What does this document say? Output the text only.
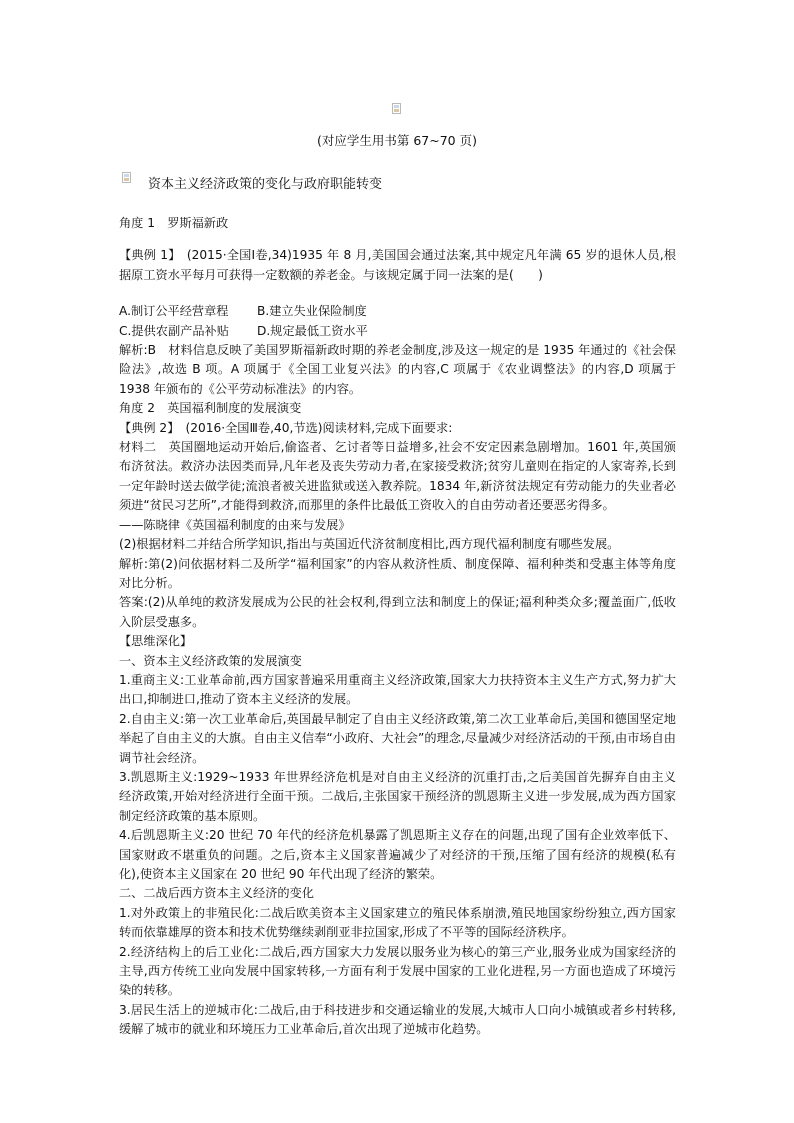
(对应学生用书第 67~70 页)
资本主义经济政策的变化与政府职能转变

角度 1　罗斯福新政

【典例 1】　 (2015·全国Ⅰ卷,34)1935 年 8 月,美国国会通过法案,其中规定凡年满 65 岁的退休人员,根据原工资水平每月可获得一定数额的养老金。与该规定属于同一法案的是(　　)

A.制订公平经营章程 B.建立失业保险制度

C.提供农副产品补贴 D.规定最低工资水平

解析:B　材料信息反映了美国罗斯福新政时期的养老金制度,涉及这一规定的是 1935 年通过的《社会保险法》,故选 B 项。A 项属于《全国工业复兴法》的内容,C 项属于《农业调整法》的内容,D 项属于 1938 年颁布的《公平劳动标准法》的内容。

角度 2　英国福利制度的发展演变

【典例 2】　 (2016·全国Ⅲ卷,40,节选)阅读材料,完成下面要求:

材料二　英国圈地运动开始后,偷盗者、乞讨者等日益增多,社会不安定因素急剧增加。1601 年,英国颁布济贫法。救济办法因类而异,凡年老及丧失劳动力者,在家接受救济;贫穷儿童则在指定的人家寄养,长到一定年龄时送去做学徒;流浪者被关进监狱或送入教养院。1834 年,新济贫法规定有劳动能力的失业者必须进“贫民习艺所”,才能得到救济,而那里的条件比最低工资收入的自由劳动者还要恶劣得多。

——陈晓律《英国福利制度的由来与发展》

(2)根据材料二并结合所学知识,指出与英国近代济贫制度相比,西方现代福利制度有哪些发展。

解析:第(2)问依据材料二及所学“福利国家”的内容从救济性质、制度保障、福利种类和受惠主体等角度对比分析。

答案:(2)从单纯的救济发展成为公民的社会权利,得到立法和制度上的保证;福利种类众多;覆盖面广,低收入阶层受惠多。

【思维深化】

一、资本主义经济政策的发展演变

1.重商主义:工业革命前,西方国家普遍采用重商主义经济政策,国家大力扶持资本主义生产方式,努力扩大出口,抑制进口,推动了资本主义经济的发展。

2.自由主义:第一次工业革命后,英国最早制定了自由主义经济政策,第二次工业革命后,美国和德国坚定地举起了自由主义的大旗。自由主义信奉“小政府、大社会”的理念,尽量减少对经济活动的干预,由市场自由调节社会经济。

3.凯恩斯主义:1929~1933 年世界经济危机是对自由主义经济的沉重打击,之后美国首先摒弃自由主义经济政策,开始对经济进行全面干预。二战后,主张国家干预经济的凯恩斯主义进一步发展,成为西方国家制定经济政策的基本原则。

4.后凯恩斯主义:20 世纪 70 年代的经济危机暴露了凯恩斯主义存在的问题,出现了国有企业效率低下、国家财政不堪重负的问题。之后,资本主义国家普遍减少了对经济的干预,压缩了国有经济的规模(私有化),使资本主义国家在 20 世纪 90 年代出现了经济的繁荣。

二、二战后西方资本主义经济的变化

1.对外政策上的非殖民化:二战后欧美资本主义国家建立的殖民体系崩溃,殖民地国家纷纷独立,西方国家转而依靠雄厚的资本和技术优势继续剥削亚非拉国家,形成了不平等的国际经济秩序。

2.经济结构上的后工业化:二战后,西方国家大力发展以服务业为核心的第三产业,服务业成为国家经济的主导,西方传统工业向发展中国家转移,一方面有利于发展中国家的工业化进程,另一方面也造成了环境污染的转移。

3.居民生活上的逆城市化:二战后,由于科技进步和交通运输业的发展,大城市人口向小城镇或者乡村转移,缓解了城市的就业和环境压力工业革命后,首次出现了逆城市化趋势。
